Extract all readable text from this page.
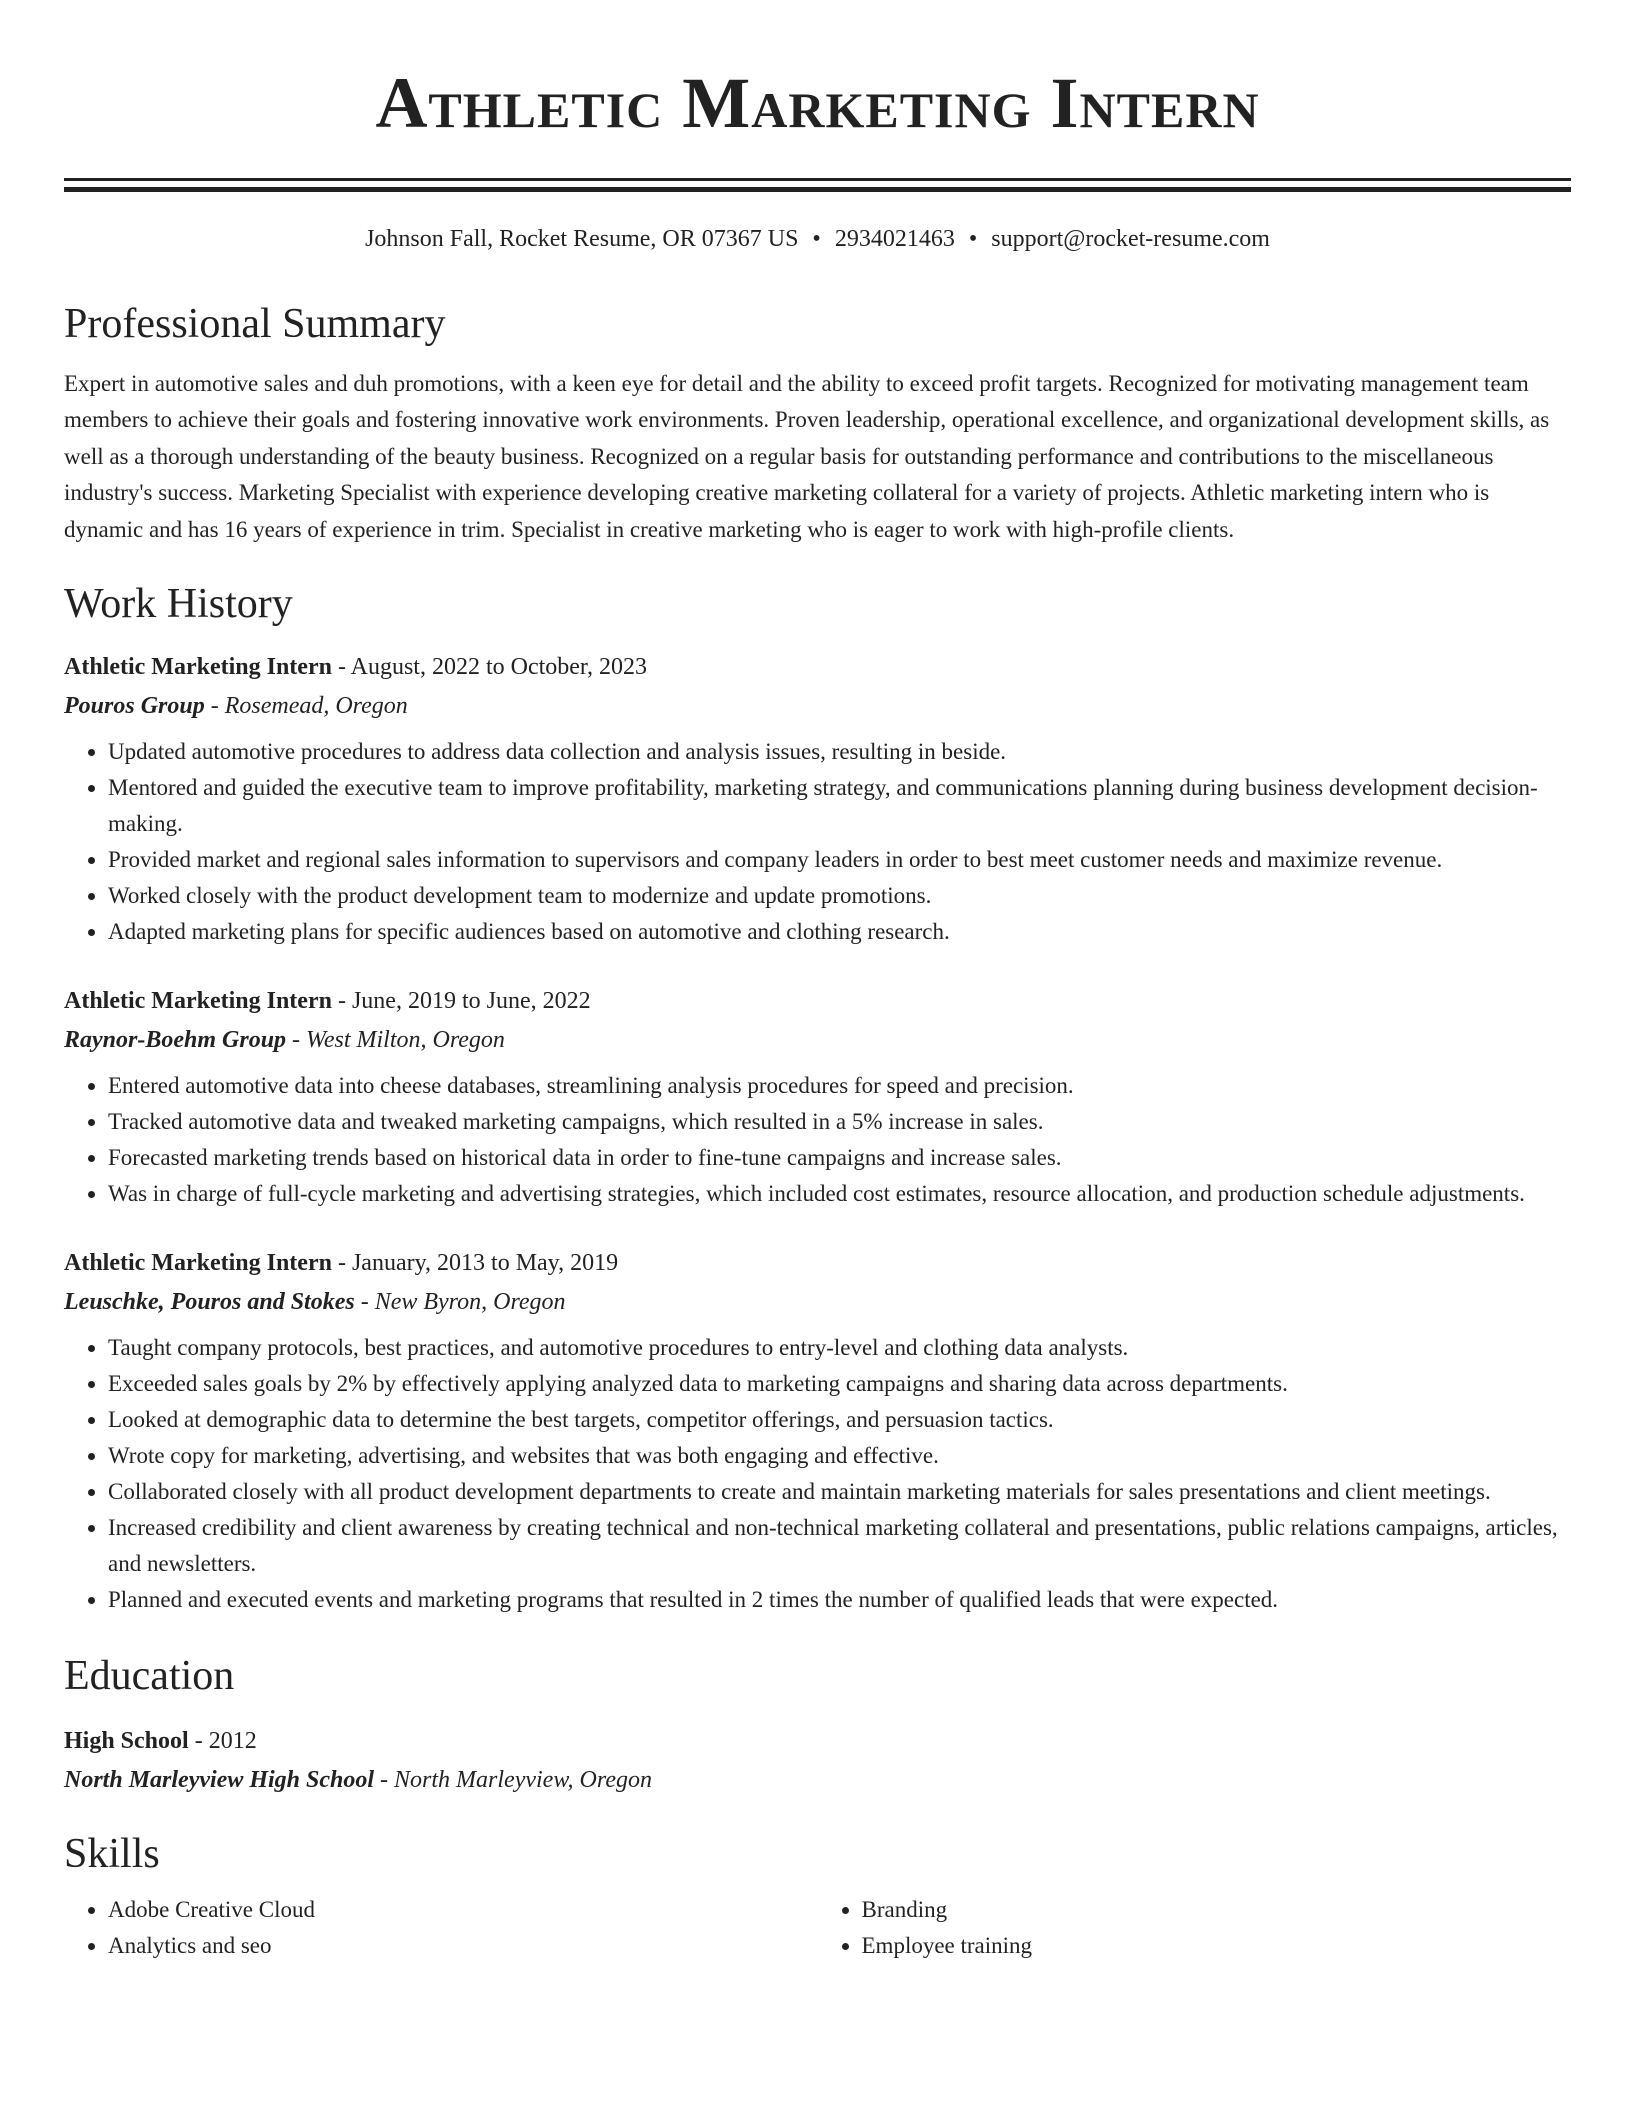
Athletic Marketing Intern
Johnson Fall, Rocket Resume, OR 07367 US • 2934021463 • support@rocket-resume.com
Professional Summary

Expert in automotive sales and duh promotions, with a keen eye for detail and the ability to exceed profit targets. Recognized for motivating management team members to achieve their goals and fostering innovative work environments. Proven leadership, operational excellence, and organizational development skills, as well as a thorough understanding of the beauty business. Recognized on a regular basis for outstanding performance and contributions to the miscellaneous industry's success. Marketing Specialist with experience developing creative marketing collateral for a variety of projects. Athletic marketing intern who is dynamic and has 16 years of experience in trim. Specialist in creative marketing who is eager to work with high-profile clients.

Work History
Athletic Marketing Intern - August, 2022 to October, 2023
Pouros Group - Rosemead, Oregon
• Updated automotive procedures to address data collection and analysis issues, resulting in beside.
• Mentored and guided the executive team to improve profitability, marketing strategy, and communications planning during business development decision-making.
• Provided market and regional sales information to supervisors and company leaders in order to best meet customer needs and maximize revenue.
• Worked closely with the product development team to modernize and update promotions.
• Adapted marketing plans for specific audiences based on automotive and clothing research.
Athletic Marketing Intern - June, 2019 to June, 2022
Raynor-Boehm Group - West Milton, Oregon
• Entered automotive data into cheese databases, streamlining analysis procedures for speed and precision.
• Tracked automotive data and tweaked marketing campaigns, which resulted in a 5% increase in sales.
• Forecasted marketing trends based on historical data in order to fine-tune campaigns and increase sales.
• Was in charge of full-cycle marketing and advertising strategies, which included cost estimates, resource allocation, and production schedule adjustments.
Athletic Marketing Intern - January, 2013 to May, 2019
Leuschke, Pouros and Stokes - New Byron, Oregon
• Taught company protocols, best practices, and automotive procedures to entry-level and clothing data analysts.
• Exceeded sales goals by 2% by effectively applying analyzed data to marketing campaigns and sharing data across departments.
• Looked at demographic data to determine the best targets, competitor offerings, and persuasion tactics.
• Wrote copy for marketing, advertising, and websites that was both engaging and effective.
• Collaborated closely with all product development departments to create and maintain marketing materials for sales presentations and client meetings.
• Increased credibility and client awareness by creating technical and non-technical marketing collateral and presentations, public relations campaigns, articles, and newsletters.
• Planned and executed events and marketing programs that resulted in 2 times the number of qualified leads that were expected.
Education
High School - 2012
North Marleyview High School - North Marleyview, Oregon
Skills
• Adobe Creative Cloud
• Analytics and seo
• Branding
• Employee training
